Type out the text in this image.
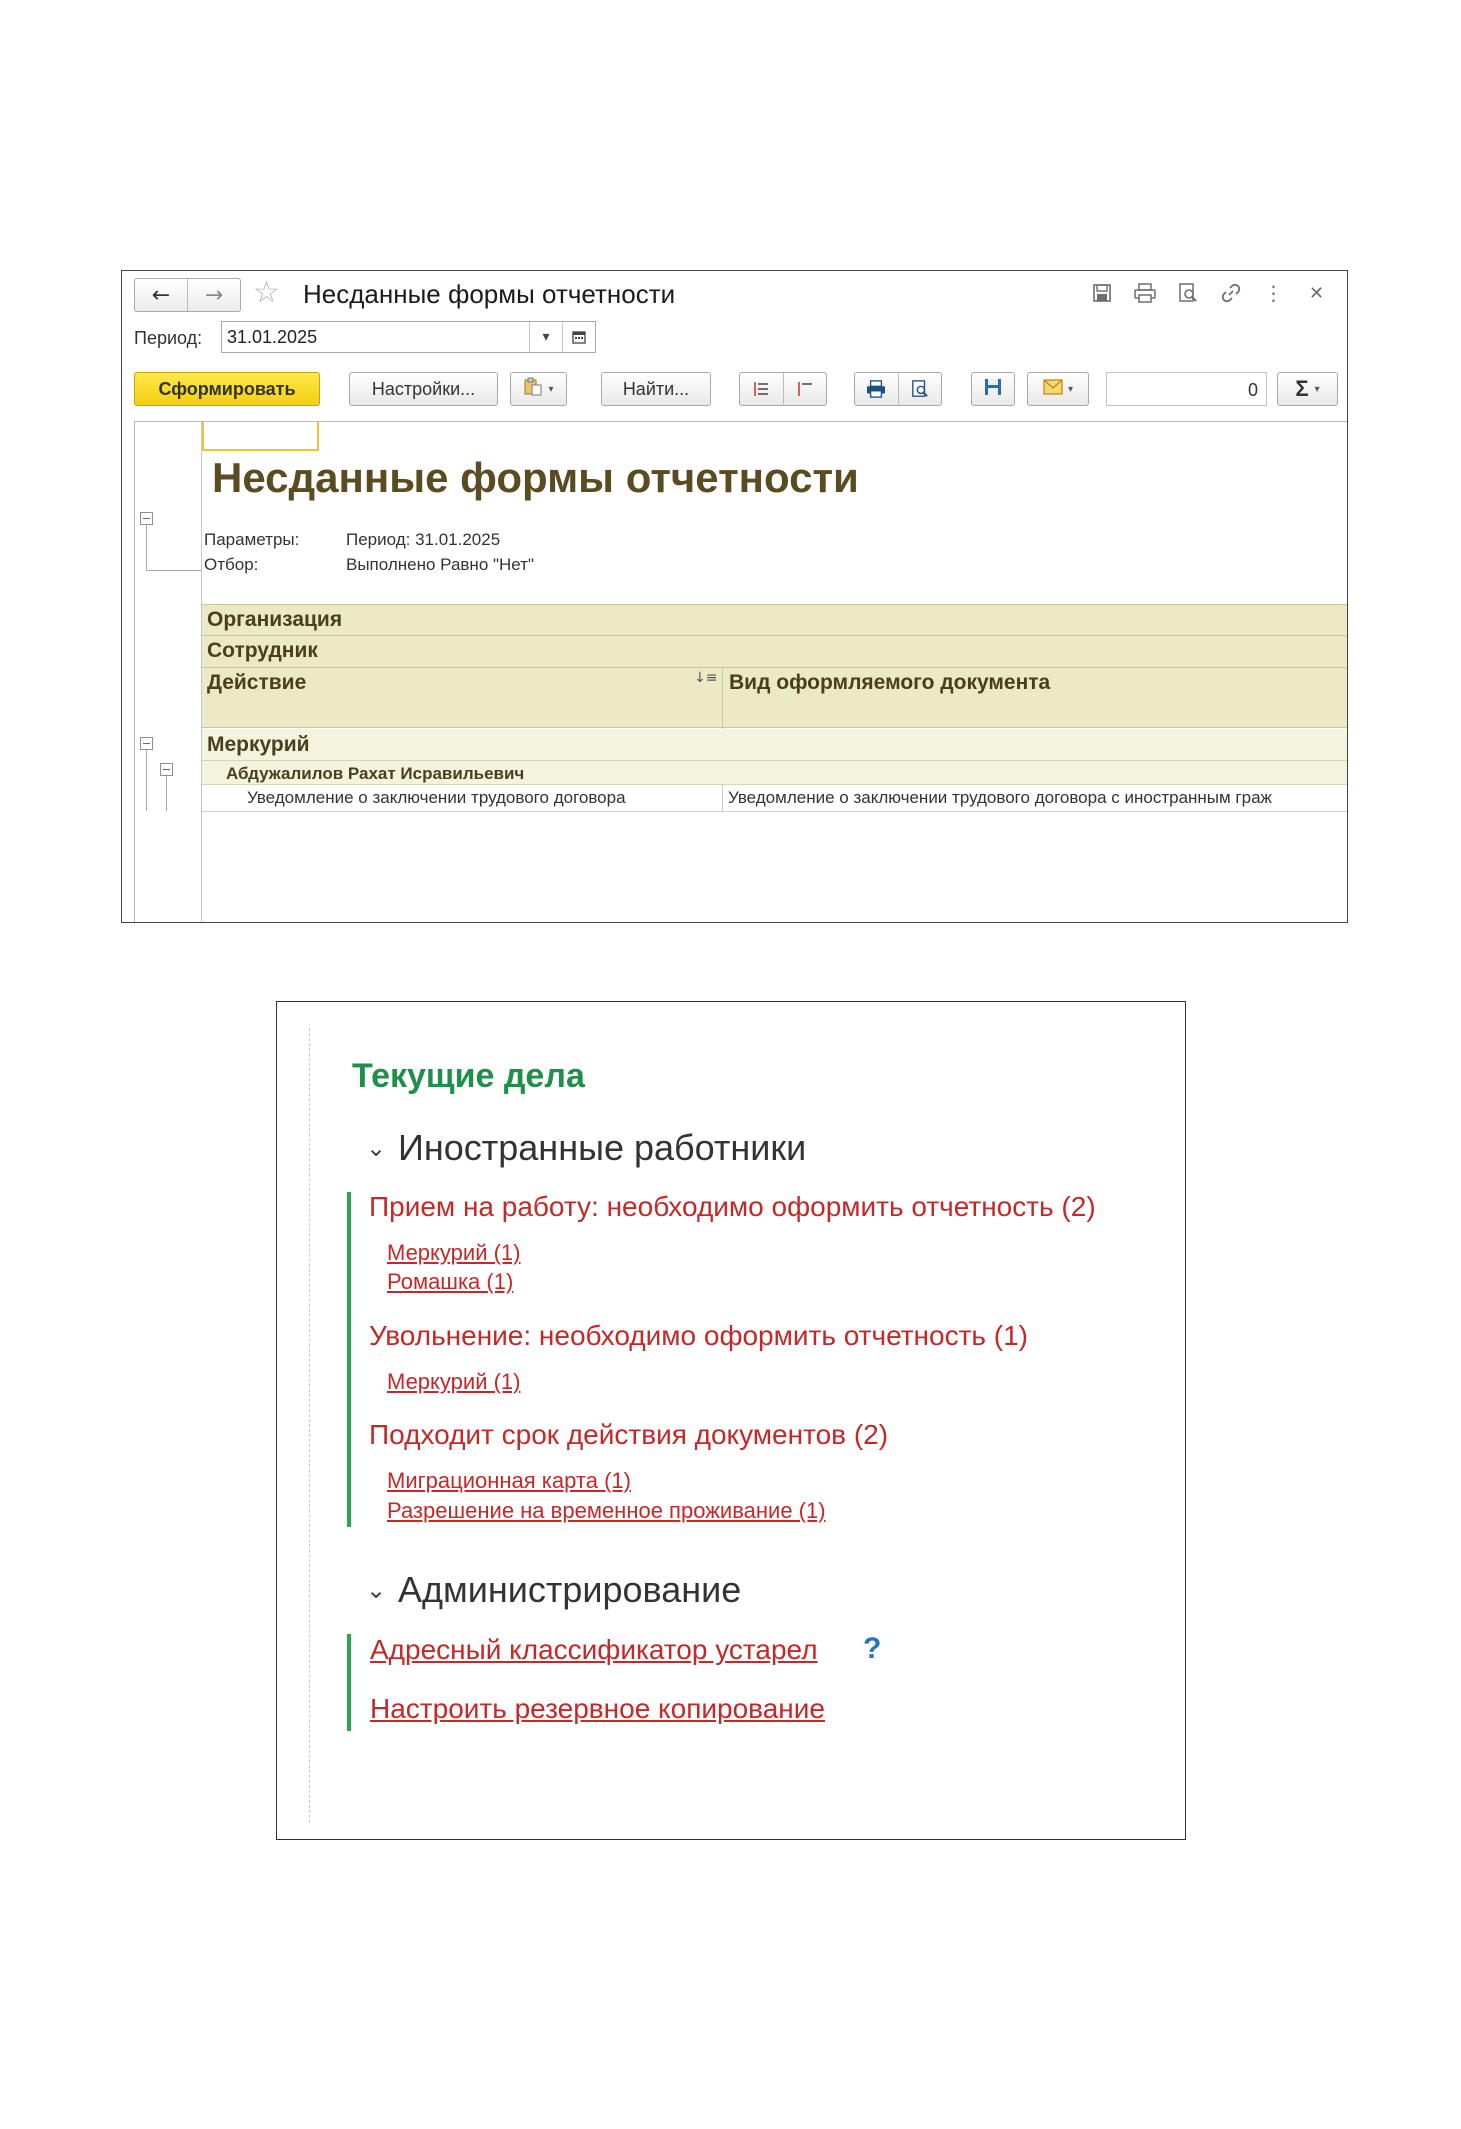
←	→ ☆ Несданные формы отчетности	⋮	✕
Период:
31.01.2025	▾
Сформировать	Настройки...	▾	Найти...	▾	0	Σ ▾
Несданные формы отчетности
Параметры:	Период: 31.01.2025
Отбор:	Выполнено Равно "Нет"
Организация
Сотрудник
Действие	↓≡ Вид оформляемого документа
Меркурий
Абдужалилов Рахат Исравильевич
Уведомление о заключении трудового договора	Уведомление о заключении трудового договора с иностранным граж
Текущие дела
⌄ Иностранные работники
Прием на работу: необходимо оформить отчетность (2)
Меркурий (1)
Ромашка (1)
Увольнение: необходимо оформить отчетность (1)
Меркурий (1)
Подходит срок действия документов (2)
Миграционная карта (1)
Разрешение на временное проживание (1)
⌄ Администрирование
Адресный классификатор устарел ?
Настроить резервное копирование
